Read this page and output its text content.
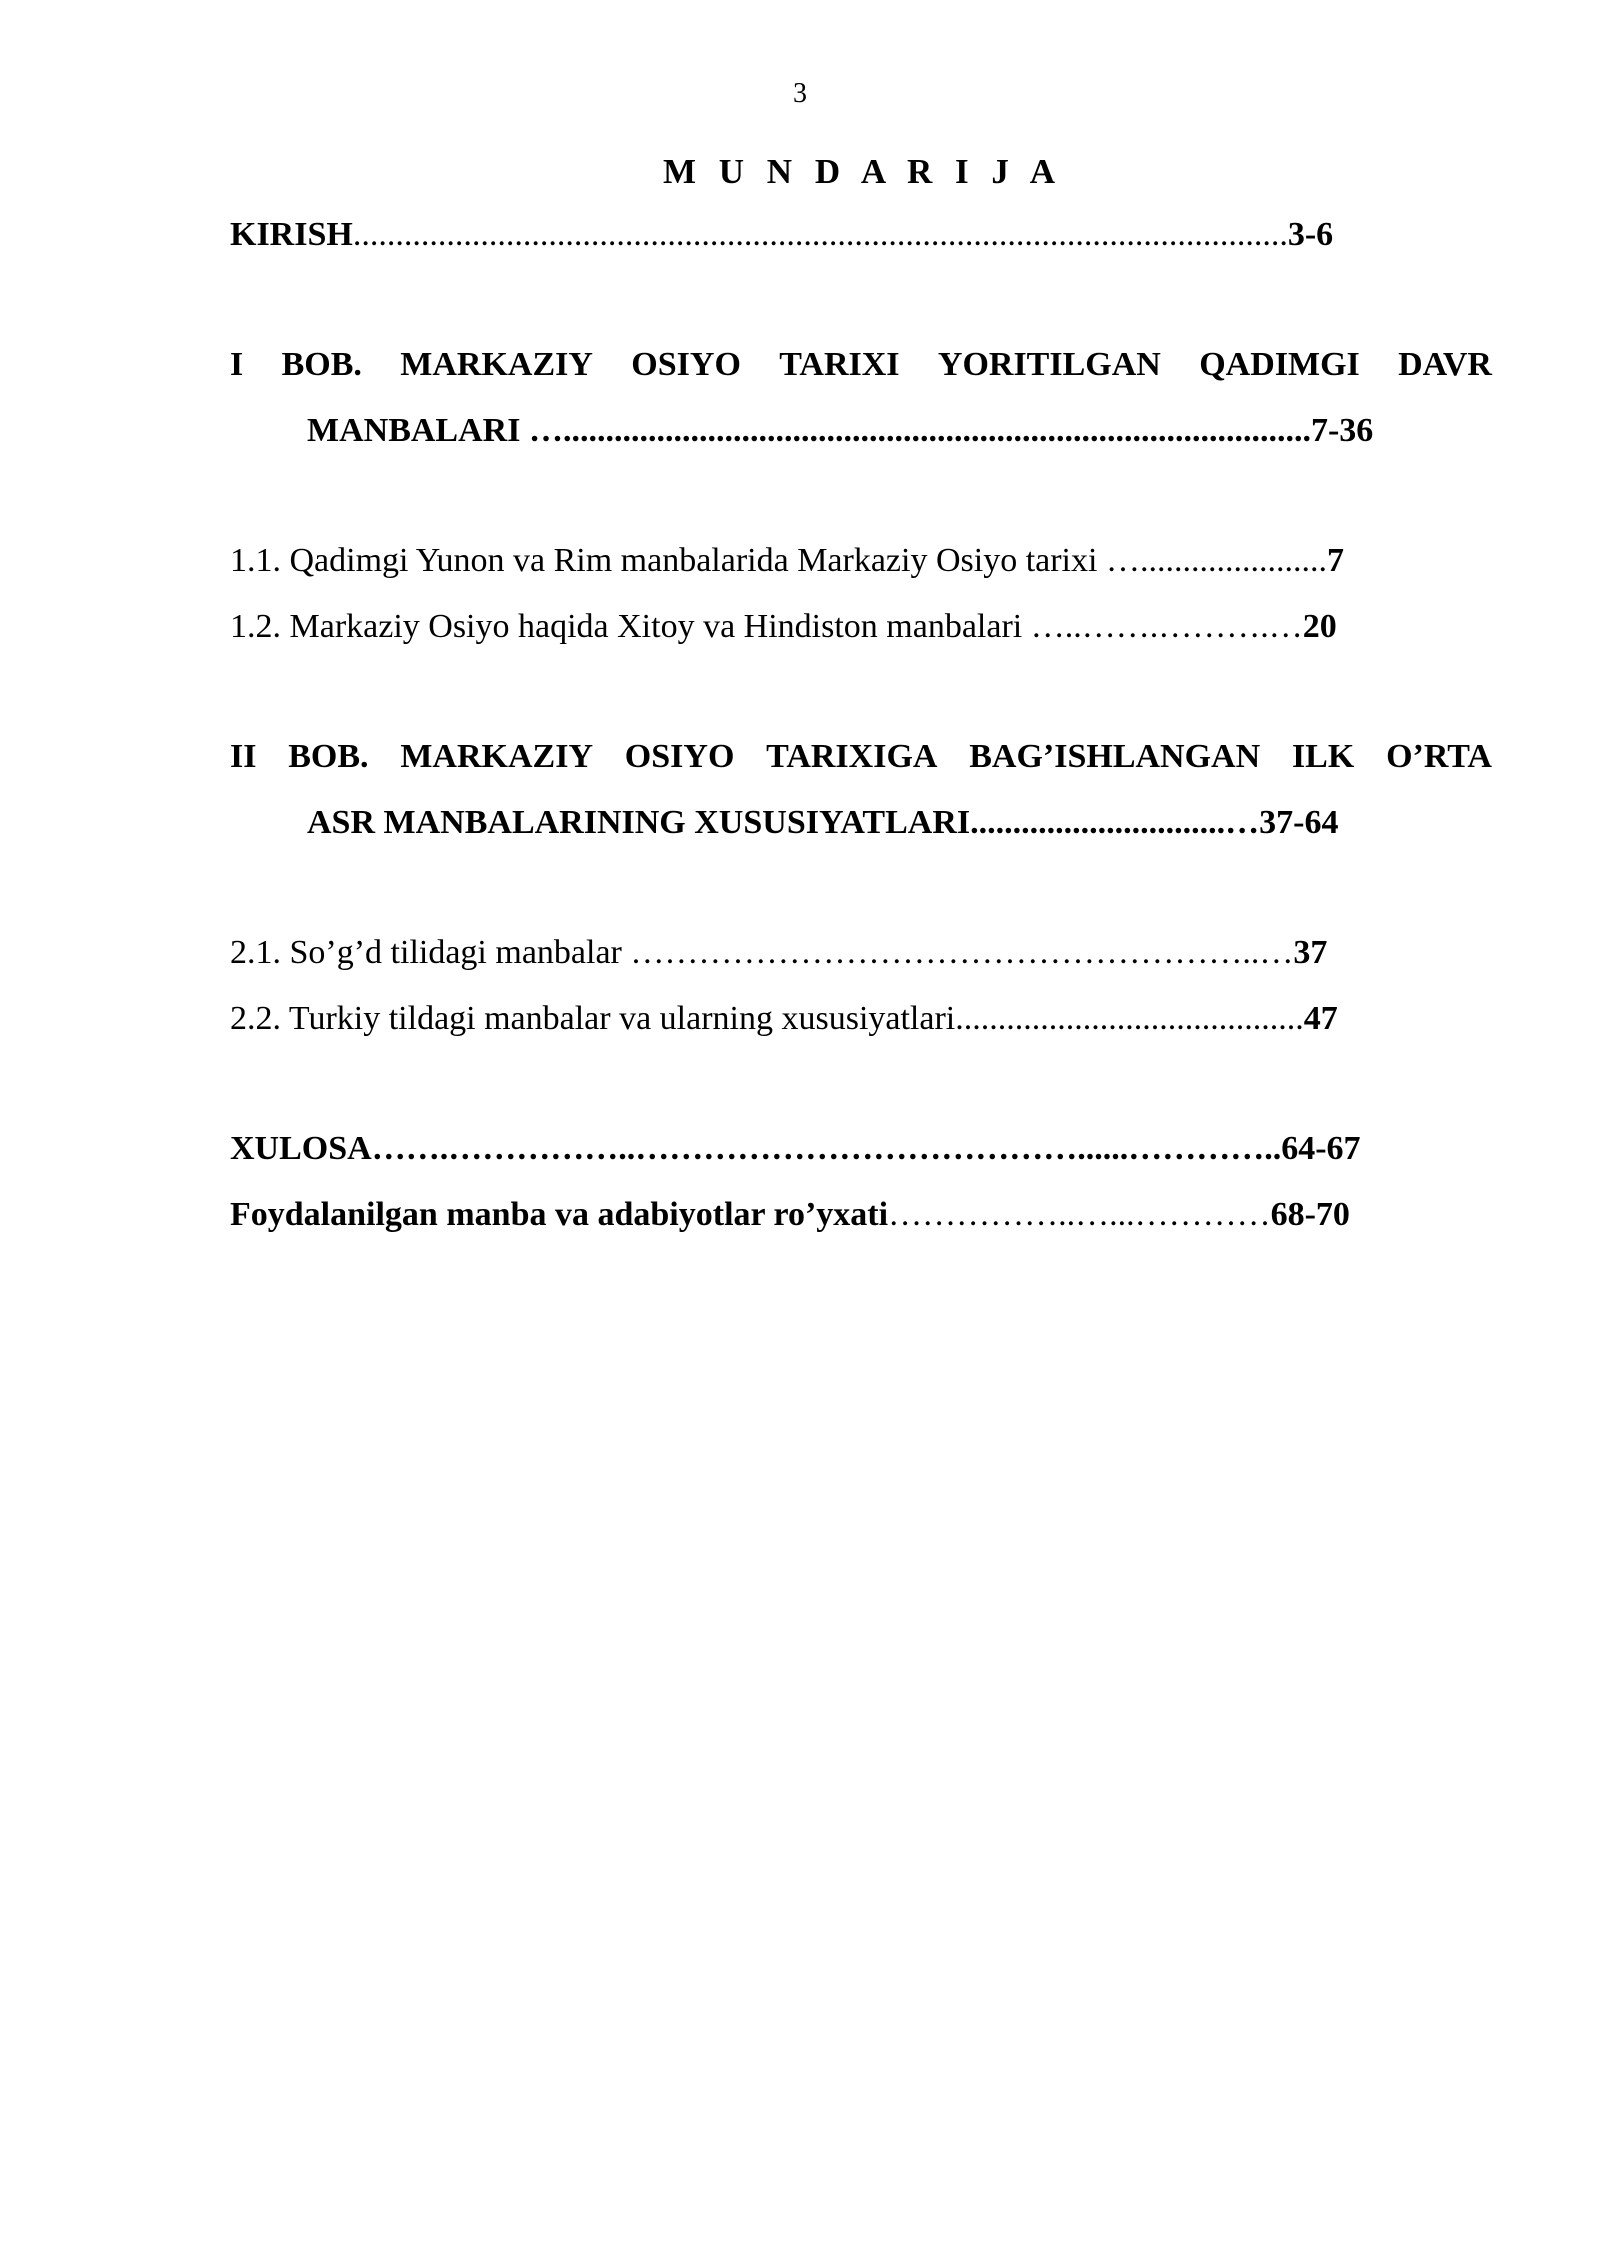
3
M U N D A R I J A
KIRISH..............................................................................................................3-6
I BOB. MARKAZIY OSIYO TARIXI YORITILGAN QADIMGI DAVR
MANBALARI …........................................................................................7-36
1.1. Qadimgi Yunon va Rim manbalarida Markaziy Osiyo tarixi …......................7
1.2. Markaziy Osiyo haqida Xitoy va Hindiston manbalari …..…….……….…20
II BOB. MARKAZIY OSIYO TARIXIGA BAG’ISHLANGAN ILK O’RTA
ASR MANBALARINING XUSUSIYATLARI..............................…37-64
2.1. So’g’d tilidagi manbalar ………………………………………………..…37
2.2. Turkiy tildagi manbalar va ularning xususiyatlari.........................................47
XULOSA…….……………..…………………………………......…………..64-67
Foydalanilgan manba va adabiyotlar ro’yxati……………..…...…………68-70
